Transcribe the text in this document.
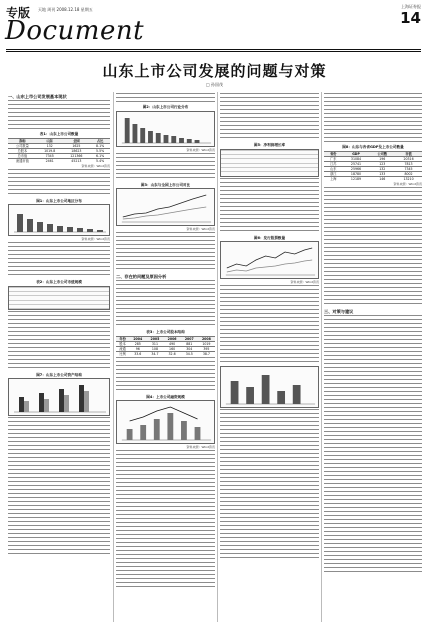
专版 天地 周刊 2008.12.18 星期五
Document
上海证券报
14
山东上市公司发展的问题与对策
□ 孙国茂
一、山东上市公司发展基本现状
表1：山东上市公司数量
指标	山东	全国	占比
公司数量	132	1625	8.1%
总股本	1019.8	18623	5.5%
总市值	7345	121366	6.1%
流通市值	2461	45213	5.4%
资料来源：Wind资讯
图1：山东上市公司地区分布
资料来源：Wind资讯
表2：山东上市公司市值规模
图7：山东上市公司资产结构
图2：山东上市公司行业分布
资料来源：Wind资讯
图3：山东与全国上市公司对比
资料来源：Wind资讯
二、存在的问题及原因分析
表3：上市公司股本结构
年份	2004	2005	2006	2007	2008
股本	285	311	490	881	1019
流通	96	108	160	304	395
比例	33.6	34.7	32.6	34.5	38.7
图4：上市公司融资规模
资料来源：Wind资讯
图5：净利润增长率
图6：发行股票数量
资料来源：Wind资讯
图8：山东与各省GDP及上市公司数量
省份	GDP	公司数	市值
广东	31084	196	20316
江苏	25741	123	7813
山东	25966	132	7345
浙江	18780	133	8002
上海	12189	146	13210
资料来源：Wind资讯
三、对策与建议
